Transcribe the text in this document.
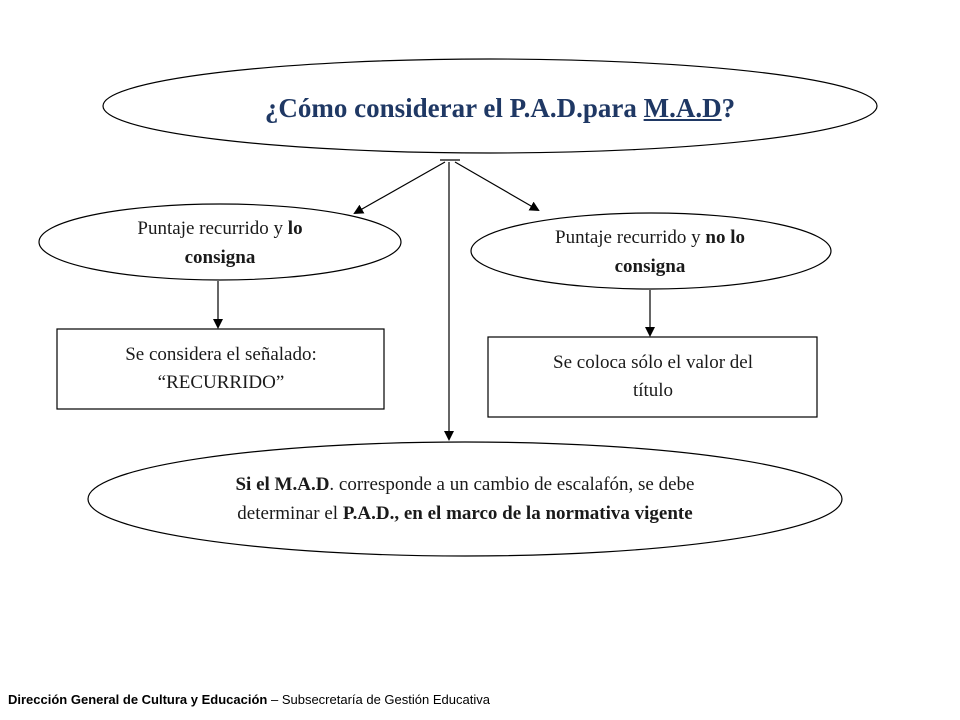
¿Cómo considerar el P.A.D.para M.A.D?
Puntaje recurrido y lo
consigna
Puntaje recurrido y no lo
consigna
Se considera el señalado:
“RECURRIDO”
Se coloca sólo el valor del
título
Si el M.A.D. corresponde a un cambio de escalafón, se debe
determinar el P.A.D., en el marco de la normativa vigente
Dirección General de Cultura y Educación – Subsecretaría de Gestión Educativa
